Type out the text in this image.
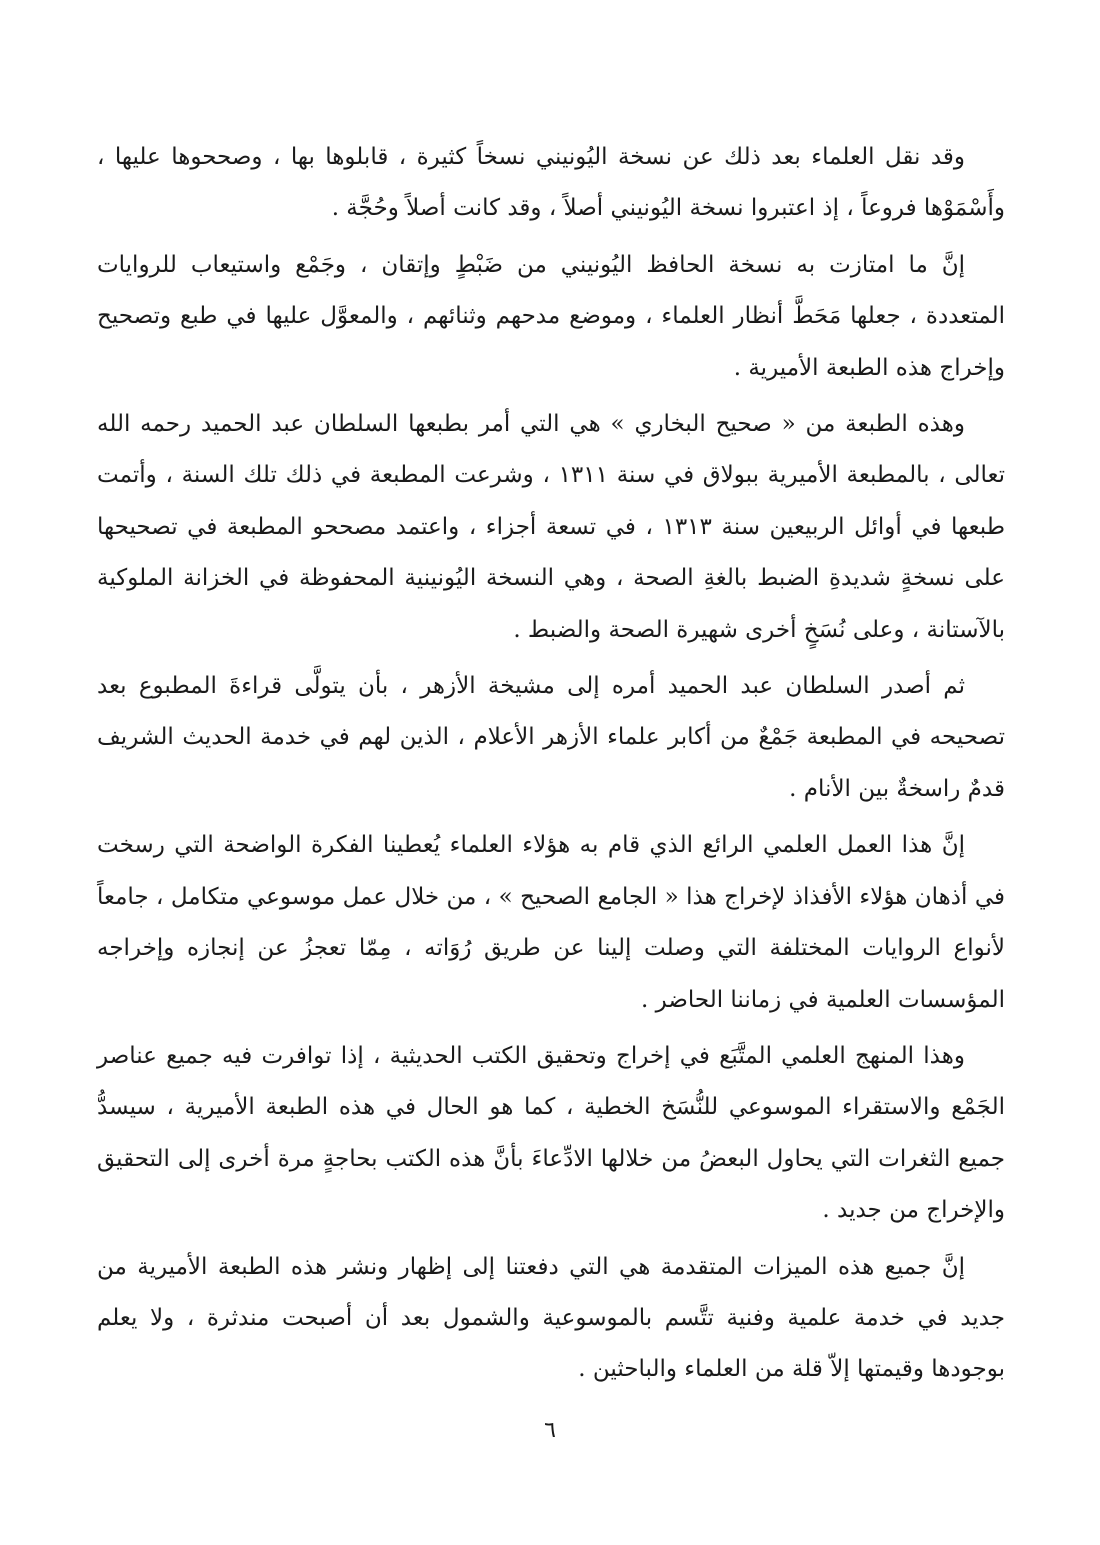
وقد نقل العلماء بعد ذلك عن نسخة اليُونيني نسخاً كثيرة ، قابلوها بها ، وصححوها عليها ، وأَسْمَوْها فروعاً ، إذ اعتبروا نسخة اليُونيني أصلاً ، وقد كانت أصلاً وحُجَّة .

إنَّ ما امتازت به نسخة الحافظ اليُونيني من ضَبْطٍ وإتقان ، وجَمْع واستيعاب للروايات المتعددة ، جعلها مَحَطَّ أنظار العلماء ، وموضع مدحهم وثنائهم ، والمعوَّل عليها في طبع وتصحيح وإخراج هذه الطبعة الأميرية .

وهذه الطبعة من « صحيح البخاري » هي التي أمر بطبعها السلطان عبد الحميد رحمه الله تعالى ، بالمطبعة الأميرية ببولاق في سنة ١٣١١ ، وشرعت المطبعة في ذلك تلك السنة ، وأتمت طبعها في أوائل الربيعين سنة ١٣١٣ ، في تسعة أجزاء ، واعتمد مصححو المطبعة في تصحيحها على نسخةٍ شديدةِ الضبط بالغةِ الصحة ، وهي النسخة اليُونينية المحفوظة في الخزانة الملوكية بالآستانة ، وعلى نُسَخٍ أخرى شهيرة الصحة والضبط .

ثم أصدر السلطان عبد الحميد أمره إلى مشيخة الأزهر ، بأن يتولَّى قراءةَ المطبوع بعد تصحيحه في المطبعة جَمْعٌ من أكابر علماء الأزهر الأعلام ، الذين لهم في خدمة الحديث الشريف قدمٌ راسخةٌ بين الأنام .

إنَّ هذا العمل العلمي الرائع الذي قام به هؤلاء العلماء يُعطينا الفكرة الواضحة التي رسخت في أذهان هؤلاء الأفذاذ لإخراج هذا « الجامع الصحيح » ، من خلال عمل موسوعي متكامل ، جامعاً لأنواع الروايات المختلفة التي وصلت إلينا عن طريق رُوَاته ، مِمّا تعجزُ عن إنجازه وإخراجه المؤسسات العلمية في زماننا الحاضر .

وهذا المنهج العلمي المتَّبَع في إخراج وتحقيق الكتب الحديثية ، إذا توافرت فيه جميع عناصر الجَمْع والاستقراء الموسوعي للنُّسَخ الخطية ، كما هو الحال في هذه الطبعة الأميرية ، سيسدُّ جميع الثغرات التي يحاول البعضُ من خلالها الادِّعاءَ بأنَّ هذه الكتب بحاجةٍ مرة أخرى إلى التحقيق والإخراج من جديد .

إنَّ جميع هذه الميزات المتقدمة هي التي دفعتنا إلى إظهار ونشر هذه الطبعة الأميرية من جديد في خدمة علمية وفنية تتَّسم بالموسوعية والشمول بعد أن أصبحت مندثرة ، ولا يعلم بوجودها وقيمتها إلاّ قلة من العلماء والباحثين .

٦
